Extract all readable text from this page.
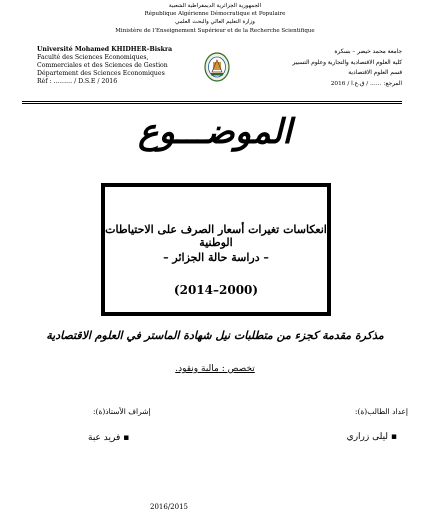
الجمهورية الجزائرية الديمقراطية الشعبية
République Algérienne Démocratique et Populaire
وزارة التعليم العالي والبحث العلمي
Ministère de l’Enseignement Supérieur et de la Recherche Scientifique
Université Mohamed KHIDHER–Biskra
Faculté des Sciences Economiques,
Commerciales et des Sciences de Gestion
Département des Sciences Economiques
Réf : ……… / D.S.E / 2016
جامعة محمد خيضر – بسكرة
كلية العلوم الاقتصادية والتجارية وعلوم التسيير
قسم العلوم الاقتصادية
المرجع: …… / ق.ع.ا / 2016
الموضـــوع
انعكاسات تغيرات أسعار الصرف على الاحتياطات الوطنية
– دراسة حالة الجزائر –
(2014–2000)
مذكرة مقدمة كجزء من متطلبات نيل شهادة الماستر في العلوم الاقتصادية
تخصص : مالية ونقود.
إعداد الطالب(ة):
إشراف الأستاذ(ة):
▪ ليلى زراري
▪ فريد عبة
2016/2015
